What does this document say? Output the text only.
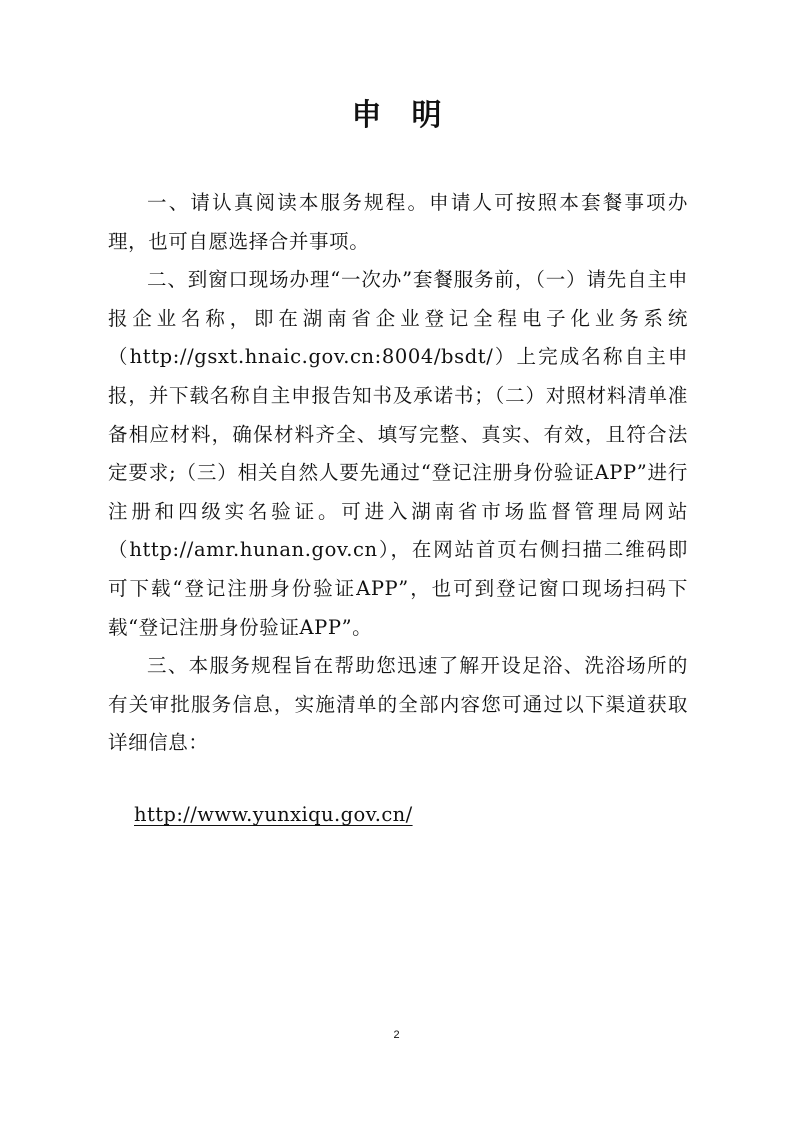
申明

一、请认真阅读本服务规程。申请人可按照本套餐事项办理，也可自愿选择合并事项。

二、到窗口现场办理“一次办”套餐服务前，（一）请先自主申报企业名称，即在湖南省企业登记全程电子化业务系统（http://gsxt.hnaic.gov.cn:8004/bsdt/）上完成名称自主申报，并下载名称自主申报告知书及承诺书；（二）对照材料清单准备相应材料，确保材料齐全、填写完整、真实、有效，且符合法定要求;（三）相关自然人要先通过“登记注册身份验证APP”进行注册和四级实名验证。可进入湖南省市场监督管理局网站（http://amr.hunan.gov.cn），在网站首页右侧扫描二维码即可下载“登记注册身份验证APP”，也可到登记窗口现场扫码下载“登记注册身份验证APP”。

三、本服务规程旨在帮助您迅速了解开设足浴、洗浴场所的有关审批服务信息，实施清单的全部内容您可通过以下渠道获取详细信息：

http://www.yunxiqu.gov.cn/
2
